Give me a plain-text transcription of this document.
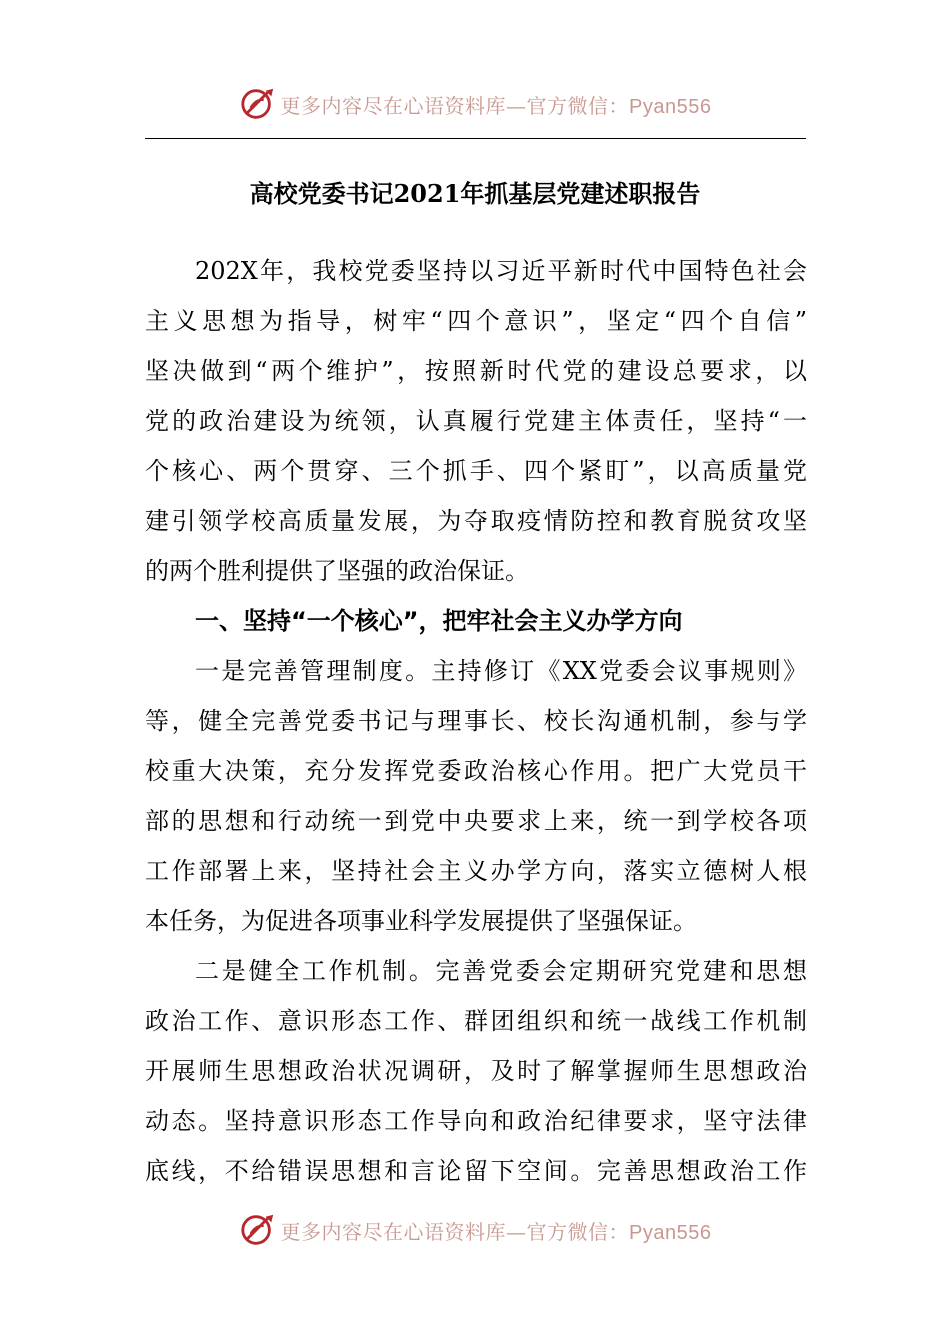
更多内容尽在心语资料库—官方微信：Pyan556
高校党委书记2021年抓基层党建述职报告
202X年，我校党委坚持以习近平新时代中国特色社会
主义思想为指导，树牢“四个意识”，坚定“四个自信”
坚决做到“两个维护”，按照新时代党的建设总要求，以
党的政治建设为统领，认真履行党建主体责任，坚持“一
个核心、两个贯穿、三个抓手、四个紧盯”，以高质量党
建引领学校高质量发展，为夺取疫情防控和教育脱贫攻坚
的两个胜利提供了坚强的政治保证。
一、坚持“一个核心”，把牢社会主义办学方向
一是完善管理制度。主持修订《XX党委会议事规则》
等，健全完善党委书记与理事长、校长沟通机制，参与学
校重大决策，充分发挥党委政治核心作用。把广大党员干
部的思想和行动统一到党中央要求上来，统一到学校各项
工作部署上来，坚持社会主义办学方向，落实立德树人根
本任务，为促进各项事业科学发展提供了坚强保证。
二是健全工作机制。完善党委会定期研究党建和思想
政治工作、意识形态工作、群团组织和统一战线工作机制
开展师生思想政治状况调研，及时了解掌握师生思想政治
动态。坚持意识形态工作导向和政治纪律要求，坚守法律
底线，不给错误思想和言论留下空间。完善思想政治工作
更多内容尽在心语资料库—官方微信：Pyan556
